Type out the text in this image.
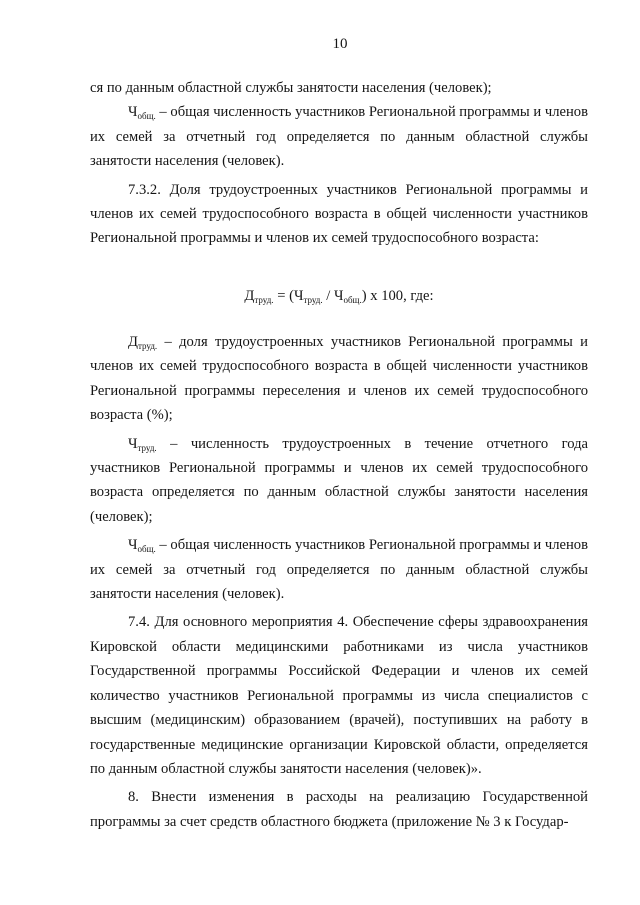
10

ся по данным областной службы занятости населения (человек);

$Ч_{общ.}$ – общая численность участников Региональной программы и членов их семей за отчетный год определяется по данным областной службы занятости населения (человек).

7.3.2. Доля трудоустроенных участников Региональной программы и членов их семей трудоспособного возраста в общей численности участников Региональной программы и членов их семей трудоспособного возраста:

$Д_{труд.} = (Ч_{труд.} / Ч_{общ.})$ х 100, где:

$Д_{труд.}$ – доля трудоустроенных участников Региональной программы и членов их семей трудоспособного возраста в общей численности участников Региональной программы переселения и членов их семей трудоспособного возраста (%);

$Ч_{труд.}$ – численность трудоустроенных в течение отчетного года участников Региональной программы и членов их семей трудоспособного возраста определяется по данным областной службы занятости населения (человек);

$Ч_{общ.}$ – общая численность участников Региональной программы и членов их семей за отчетный год определяется по данным областной службы занятости населения (человек).

7.4. Для основного мероприятия 4. Обеспечение сферы здравоохранения Кировской области медицинскими работниками из числа участников Государственной программы Российской Федерации и членов их семей количество участников Региональной программы из числа специалистов с высшим (медицинским) образованием (врачей), поступивших на работу в государственные медицинские организации Кировской области, определяется по данным областной службы занятости населения (человек)».

8. Внести изменения в расходы на реализацию Государственной программы за счет средств областного бюджета (приложение № 3 к Государ-
